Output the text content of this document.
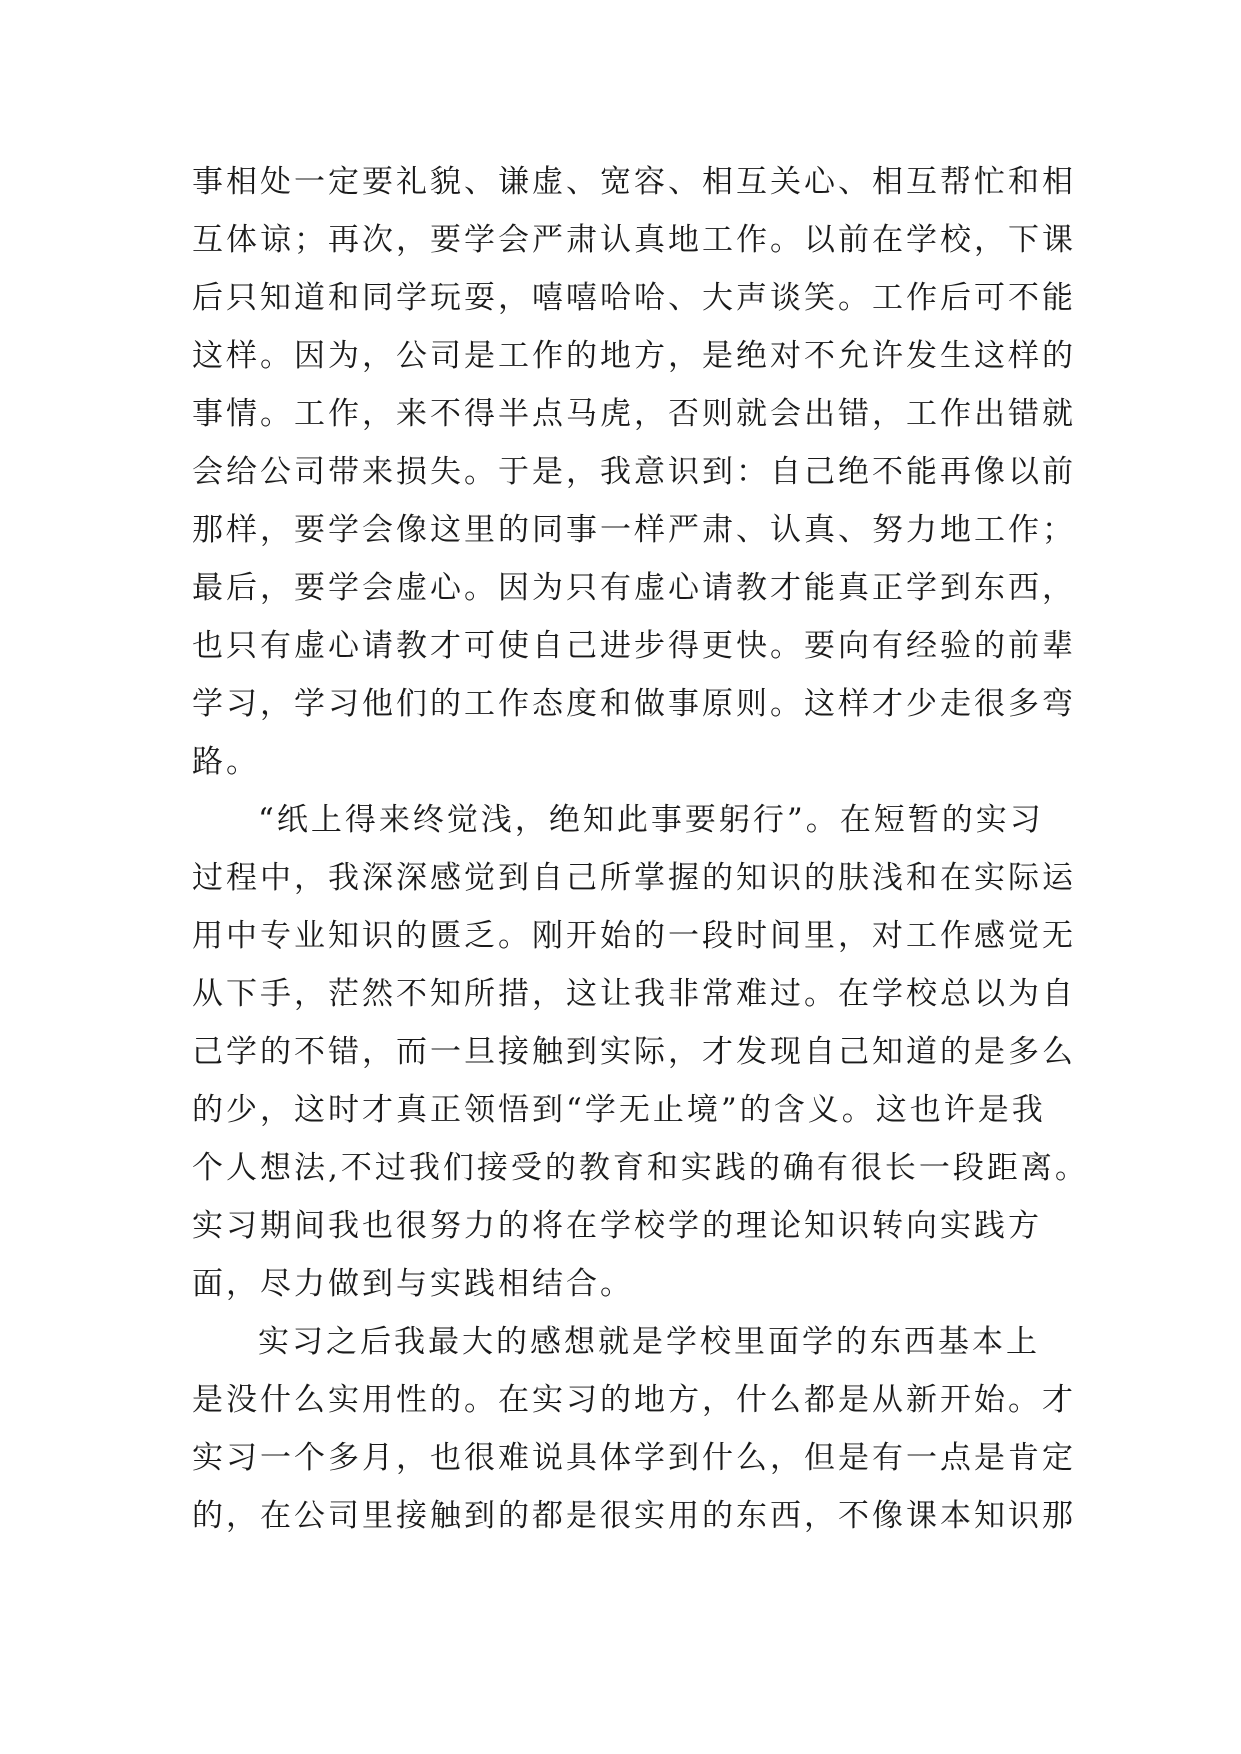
事相处一定要礼貌、谦虚、宽容、相互关心、相互帮忙和相
互体谅；再次，要学会严肃认真地工作。以前在学校，下课
后只知道和同学玩耍，嘻嘻哈哈、大声谈笑。工作后可不能
这样。因为，公司是工作的地方，是绝对不允许发生这样的
事情。工作，来不得半点马虎，否则就会出错，工作出错就
会给公司带来损失。于是，我意识到：自己绝不能再像以前
那样，要学会像这里的同事一样严肃、认真、努力地工作；
最后，要学会虚心。因为只有虚心请教才能真正学到东西，
也只有虚心请教才可使自己进步得更快。要向有经验的前辈
学习，学习他们的工作态度和做事原则。这样才少走很多弯
路。
“纸上得来终觉浅，绝知此事要躬行”。在短暂的实习
过程中，我深深感觉到自己所掌握的知识的肤浅和在实际运
用中专业知识的匮乏。刚开始的一段时间里，对工作感觉无
从下手，茫然不知所措，这让我非常难过。在学校总以为自
己学的不错，而一旦接触到实际，才发现自己知道的是多么
的少，这时才真正领悟到“学无止境”的含义。这也许是我
个人想法,不过我们接受的教育和实践的确有很长一段距离。
实习期间我也很努力的将在学校学的理论知识转向实践方
面，尽力做到与实践相结合。
实习之后我最大的感想就是学校里面学的东西基本上
是没什么实用性的。在实习的地方，什么都是从新开始。才
实习一个多月，也很难说具体学到什么，但是有一点是肯定
的，在公司里接触到的都是很实用的东西，不像课本知识那
